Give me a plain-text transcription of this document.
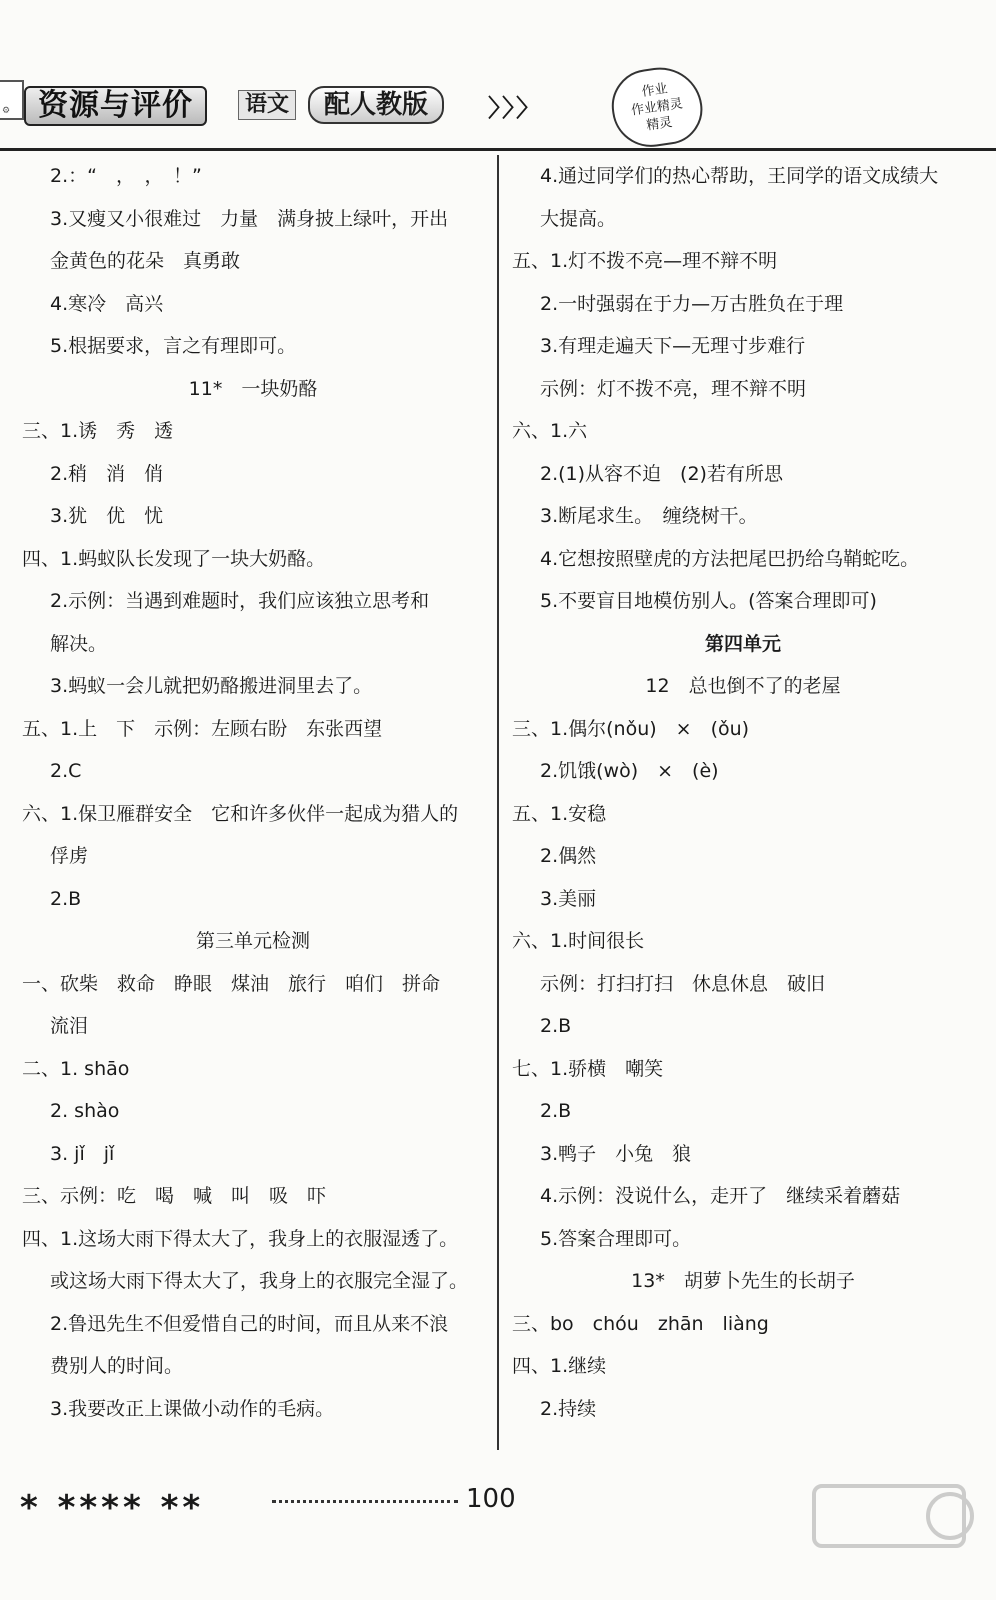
⚙ 资源与评价	语文	配人教版	〉〉〉
作业
作业精灵
精灵
2.：“　，　，　！”
3.又瘦又小很难过　力量　满身披上绿叶，开出
金黄色的花朵　真勇敢
4.寒冷　高兴
5.根据要求，言之有理即可。
11*　一块奶酪
三、1.诱　秀　透
2.稍　消　俏
3.犹　优　忧
四、1.蚂蚁队长发现了一块大奶酪。
2.示例：当遇到难题时，我们应该独立思考和
解决。
3.蚂蚁一会儿就把奶酪搬进洞里去了。
五、1.上　下　示例：左顾右盼　东张西望
2.C
六、1.保卫雁群安全　它和许多伙伴一起成为猎人的
俘虏
2.B
第三单元检测
一、砍柴　救命　睁眼　煤油　旅行　咱们　拼命
流泪
二、1. shāo
2. shào
3. jǐ　jǐ
三、示例：吃　喝　喊　叫　吸　吓
四、1.这场大雨下得太大了，我身上的衣服湿透了。
或这场大雨下得太大了，我身上的衣服完全湿了。
2.鲁迅先生不但爱惜自己的时间，而且从来不浪
费别人的时间。
3.我要改正上课做小动作的毛病。
4.通过同学们的热心帮助，王同学的语文成绩大
大提高。
五、1.灯不拨不亮—理不辩不明
2.一时强弱在于力—万古胜负在于理
3.有理走遍天下—无理寸步难行
示例：灯不拨不亮，理不辩不明
六、1.六
2.(1)从容不迫　(2)若有所思
3.断尾求生。　缠绕树干。
4.它想按照壁虎的方法把尾巴扔给乌鞘蛇吃。
5.不要盲目地模仿别人。(答案合理即可)
第四单元
12　总也倒不了的老屋
三、1.偶尔(nǒu)　×　(ǒu)
2.饥饿(wò)　×　(è)
五、1.安稳
2.偶然
3.美丽
六、1.时间很长
示例：打扫打扫　休息休息　破旧
2.B
七、1.骄横　嘲笑
2.B
3.鸭子　小兔　狼
4.示例：没说什么，走开了　继续采着蘑菇
5.答案合理即可。
13*　胡萝卜先生的长胡子
三、bo　chóu　zhān　liàng
四、1.继续
2.持续
* **** **	100
